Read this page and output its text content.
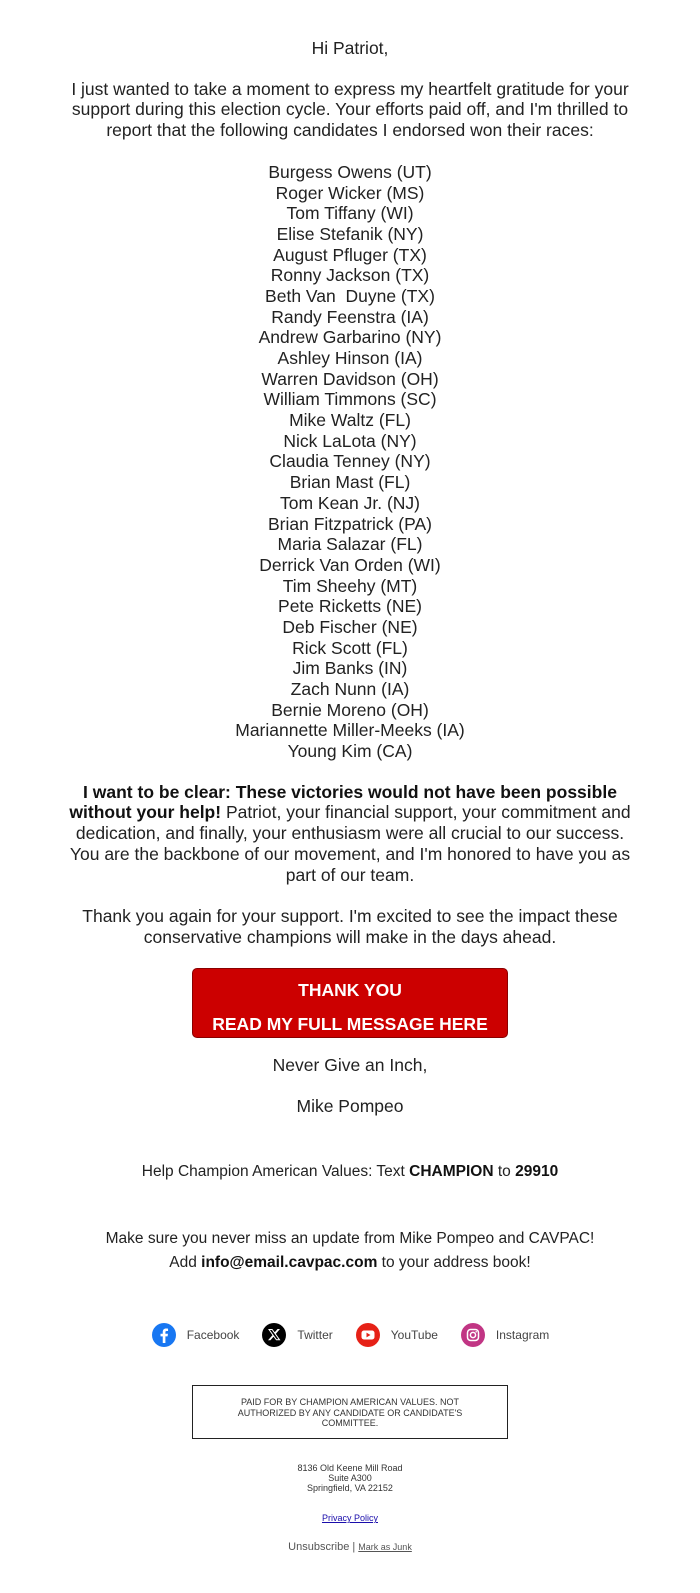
Hi Patriot,
I just wanted to take a moment to express my heartfelt gratitude for your support during this election cycle. Your efforts paid off, and I'm thrilled to report that the following candidates I endorsed won their races:
Burgess Owens (UT)
Roger Wicker (MS)
Tom Tiffany (WI)
Elise Stefanik (NY)
August Pfluger (TX)
Ronny Jackson (TX)
Beth Van  Duyne (TX)
Randy Feenstra (IA)
Andrew Garbarino (NY)
Ashley Hinson (IA)
Warren Davidson (OH)
William Timmons (SC)
Mike Waltz (FL)
Nick LaLota (NY)
Claudia Tenney (NY)
Brian Mast (FL)
Tom Kean Jr. (NJ)
Brian Fitzpatrick (PA)
Maria Salazar (FL)
Derrick Van Orden (WI)
Tim Sheehy (MT)
Pete Ricketts (NE)
Deb Fischer (NE)
Rick Scott (FL)
Jim Banks (IN)
Zach Nunn (IA)
Bernie Moreno (OH)
Mariannette Miller-Meeks (IA)
Young Kim (CA)
I want to be clear: These victories would not have been possible without your help! Patriot, your financial support, your commitment and dedication, and finally, your enthusiasm were all crucial to our success. You are the backbone of our movement, and I'm honored to have you as part of our team.
Thank you again for your support. I'm excited to see the impact these conservative champions will make in the days ahead.
THANK YOU
READ MY FULL MESSAGE HERE
Never Give an Inch,
Mike Pompeo
Help Champion American Values: Text CHAMPION to 29910
Make sure you never miss an update from Mike Pompeo and CAVPAC!
Add info@email.cavpac.com to your address book!
Facebook	Twitter	YouTube	Instagram
PAID FOR BY CHAMPION AMERICAN VALUES. NOT AUTHORIZED BY ANY CANDIDATE OR CANDIDATE'S COMMITTEE.
8136 Old Keene Mill Road
Suite A300
Springfield, VA 22152
Privacy Policy
Unsubscribe | Mark as Junk
